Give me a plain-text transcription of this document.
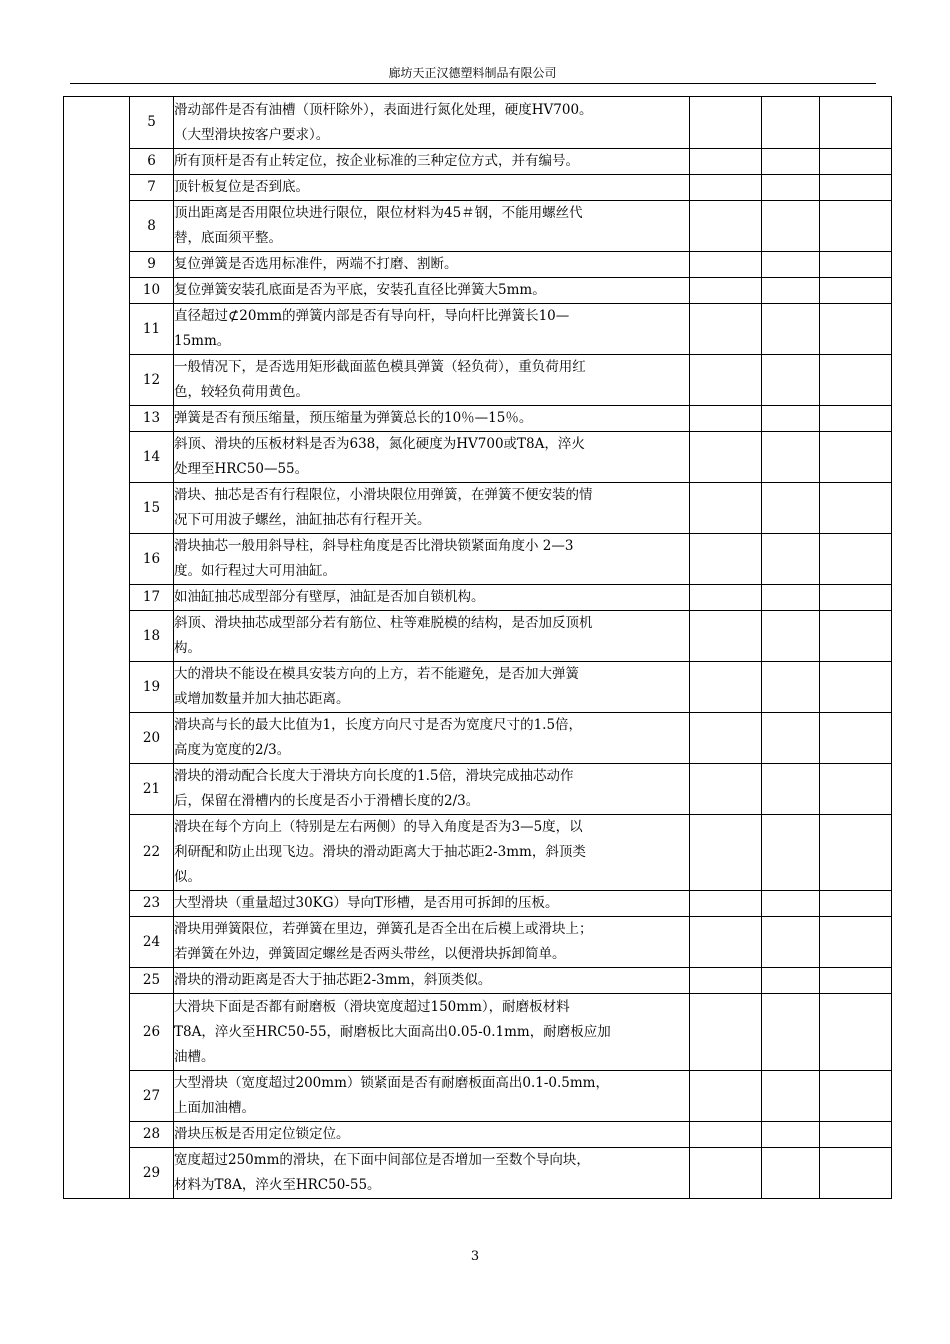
廊坊天正汉德塑料制品有限公司
	5	滑动部件是否有油槽（顶杆除外），表面进行氮化处理，硬度HV700。
（大型滑块按客户要求）。			

	6	所有顶杆是否有止转定位，按企业标准的三种定位方式，并有编号。			
	7	顶针板复位是否到底。			
	8	顶出距离是否用限位块进行限位，限位材料为45＃钢，不能用螺丝代
替，底面须平整。			

	9	复位弹簧是否选用标准件，两端不打磨、割断。			
	10	复位弹簧安装孔底面是否为平底，安装孔直径比弹簧大5mm。			
	11	直径超过⊄20mm的弹簧内部是否有导向杆，导向杆比弹簧长10—
15mm。			

	12	一般情况下，是否选用矩形截面蓝色模具弹簧（轻负荷），重负荷用红
色，较轻负荷用黄色。			

	13	弹簧是否有预压缩量，预压缩量为弹簧总长的10％—15％。			
	14	斜顶、滑块的压板材料是否为638，氮化硬度为HV700或T8A，淬火
处理至HRC50—55。			

	15	滑块、抽芯是否有行程限位，小滑块限位用弹簧，在弹簧不便安装的情
况下可用波子螺丝，油缸抽芯有行程开关。			

	16	滑块抽芯一般用斜导柱，斜导柱角度是否比滑块锁紧面角度小 2—3
度。如行程过大可用油缸。			

	17	如油缸抽芯成型部分有壁厚，油缸是否加自锁机构。			
	18	斜顶、滑块抽芯成型部分若有筋位、柱等难脱模的结构，是否加反顶机
构。			

	19	大的滑块不能设在模具安装方向的上方，若不能避免，是否加大弹簧
或增加数量并加大抽芯距离。			

	20	滑块高与长的最大比值为1，长度方向尺寸是否为宽度尺寸的1.5倍，
高度为宽度的2/3。			

	21	滑块的滑动配合长度大于滑块方向长度的1.5倍，滑块完成抽芯动作
后，保留在滑槽内的长度是否小于滑槽长度的2/3。			

	22	滑块在每个方向上（特别是左右两侧）的导入角度是否为3—5度，以
利研配和防止出现飞边。滑块的滑动距离大于抽芯距2-3mm，斜顶类
似。			

	23	大型滑块（重量超过30KG）导向T形槽，是否用可拆卸的压板。			
	24	滑块用弹簧限位，若弹簧在里边，弹簧孔是否全出在后模上或滑块上；
若弹簧在外边，弹簧固定螺丝是否两头带丝，以便滑块拆卸简单。			

	25	滑块的滑动距离是否大于抽芯距2-3mm，斜顶类似。			
	26	大滑块下面是否都有耐磨板（滑块宽度超过150mm），耐磨板材料
T8A，淬火至HRC50-55，耐磨板比大面高出0.05-0.1mm，耐磨板应加
油槽。			

	27	大型滑块（宽度超过200mm）锁紧面是否有耐磨板面高出0.1-0.5mm，
上面加油槽。			

	28	滑块压板是否用定位锁定位。			
	29	宽度超过250mm的滑块，在下面中间部位是否增加一至数个导向块，
材料为T8A，淬火至HRC50-55。			

3
